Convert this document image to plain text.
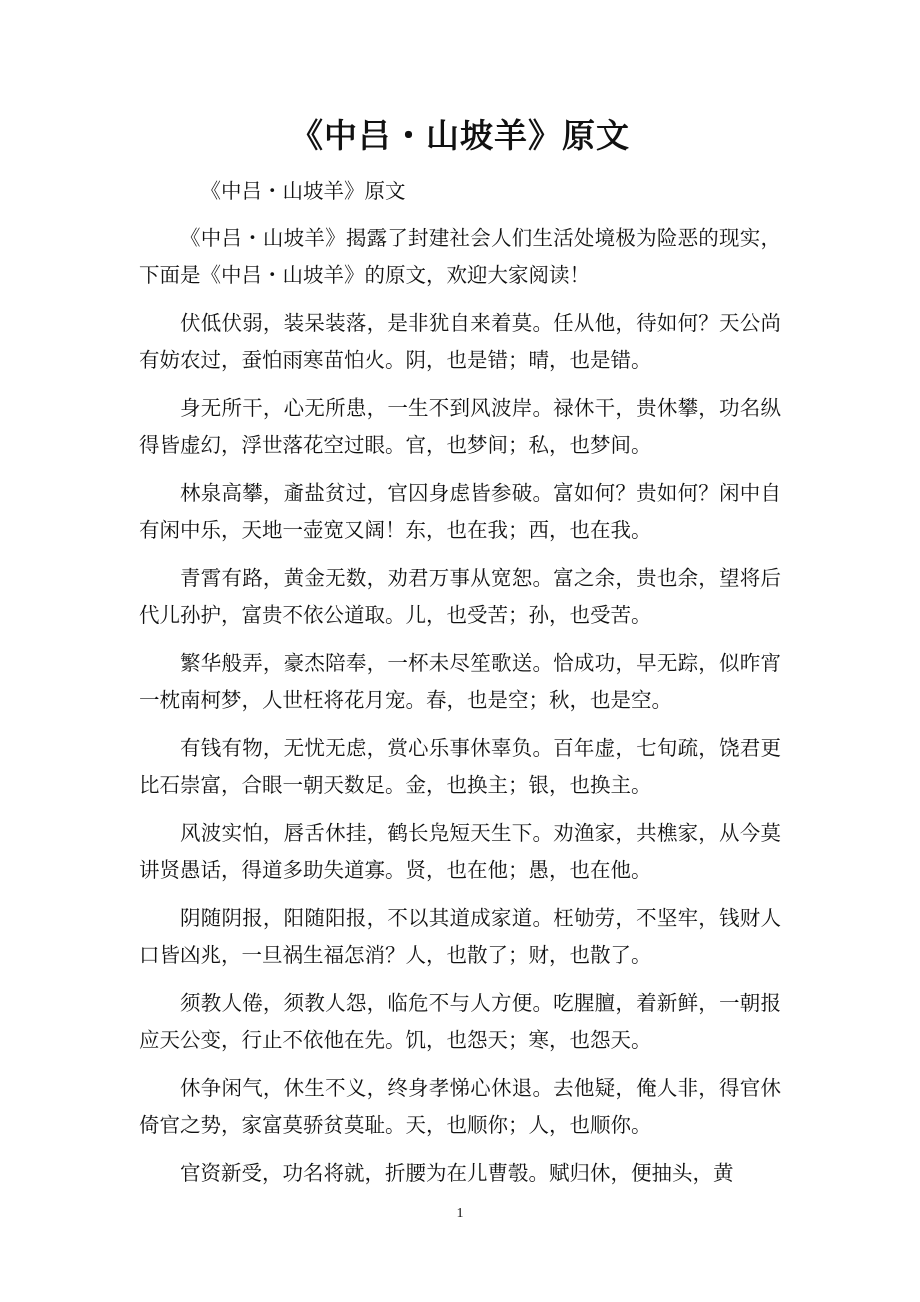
《中吕・山坡羊》原文

《中吕・山坡羊》原文

《中吕・山坡羊》揭露了封建社会人们生活处境极为险恶的现实，下面是《中吕・山坡羊》的原文，欢迎大家阅读！

伏低伏弱，装呆装落，是非犹自来着莫。任从他，待如何？天公尚有妨农过，蚕怕雨寒苗怕火。阴，也是错；晴，也是错。

身无所干，心无所患，一生不到风波岸。禄休干，贵休攀，功名纵得皆虚幻，浮世落花空过眼。官，也梦间；私，也梦间。

林泉高攀，齑盐贫过，官囚身虑皆参破。富如何？贵如何？闲中自有闲中乐，天地一壶宽又阔！东，也在我；西，也在我。

青霄有路，黄金无数，劝君万事从宽恕。富之余，贵也余，望将后代儿孙护，富贵不依公道取。儿，也受苦；孙，也受苦。

繁华般弄，豪杰陪奉，一杯未尽笙歌送。恰成功，早无踪，似昨宵一枕南柯梦，人世枉将花月宠。春，也是空；秋，也是空。

有钱有物，无忧无虑，赏心乐事休辜负。百年虚，七旬疏，饶君更比石崇富，合眼一朝天数足。金，也换主；银，也换主。

风波实怕，唇舌休挂，鹤长凫短天生下。劝渔家，共樵家，从今莫讲贤愚话，得道多助失道寡。贤，也在他；愚，也在他。

阴随阴报，阳随阳报，不以其道成家道。枉劬劳，不坚牢，钱财人口皆凶兆，一旦祸生福怎消？人，也散了；财，也散了。

须教人倦，须教人怨，临危不与人方便。吃腥膻，着新鲜，一朝报应天公变，行止不依他在先。饥，也怨天；寒，也怨天。

休争闲气，休生不义，终身孝悌心休退。去他疑，俺人非，得官休倚官之势，家富莫骄贫莫耻。天，也顺你；人，也顺你。

官资新受，功名将就，折腰为在儿曹彀。赋归休，便抽头，黄

1
